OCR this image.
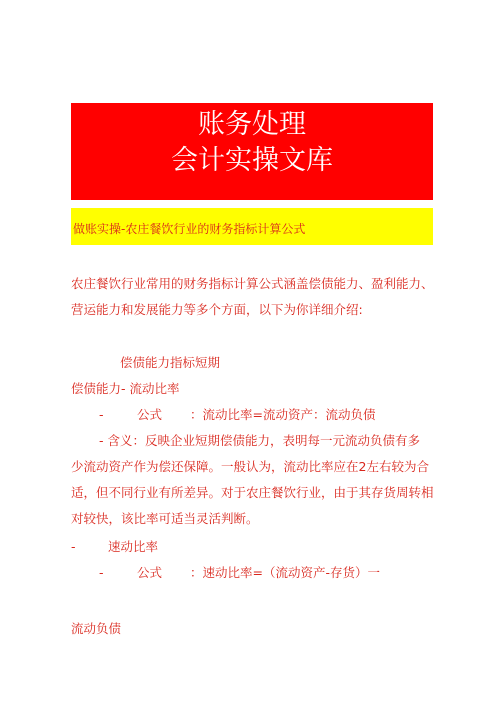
账务处理
会计实操文库
做账实操-农庄餐饮行业的财务指标计算公式
农庄餐饮行业常用的财务指标计算公式涵盖偿债能力、盈利能力、
营运能力和发展能力等多个方面，以下为你详细介绍:
偿债能力指标短期
偿债能力- 流动比率
-	公式 ：流动比率=流动资产：流动负债
- 含义：反映企业短期偿债能力，表明每一元流动负债有多
少流动资产作为偿还保障。一般认为，流动比率应在2左右较为合
适，但不同行业有所差异。对于农庄餐饮行业，由于其存货周转相
对较快，该比率可适当灵活判断。
-	速动比率
-	公式 ：速动比率=（流动资产-存货）一
流动负债
